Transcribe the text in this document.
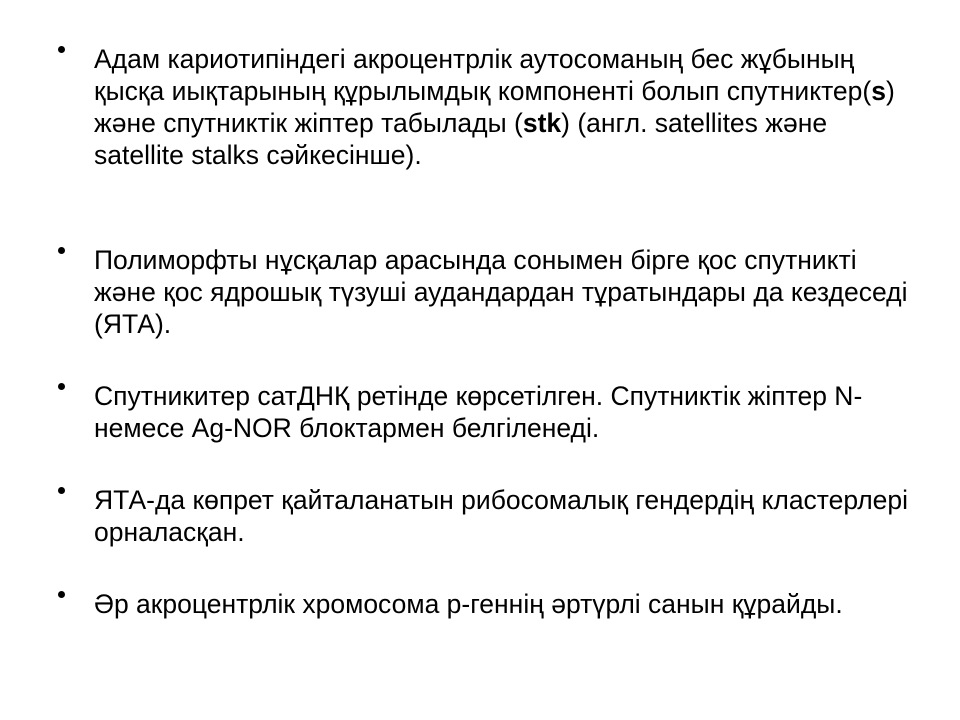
Адам кариотипіндегі акроцентрлік аутосоманың бес жұбының қысқа иықтарының құрылымдық компоненті болып спутниктер(s) және спутниктік жіптер табылады (stk) (англ. satellites және satellite stalks сәйкесінше).
Полиморфты нұсқалар арасында сонымен бірге қос спутникті және қос ядрошық түзуші аудандардан тұратындары да кездеседі (ЯТА).
Спутникитер сатДНҚ ретінде көрсетілген. Спутниктік жіптер N- немесе Ag-NOR блоктармен белгіленеді.
ЯТА-да көпрет қайталанатын рибосомалық гендердің кластерлері орналасқан.
Әр акроцентрлік хромосома р-геннің әртүрлі санын құрайды.
